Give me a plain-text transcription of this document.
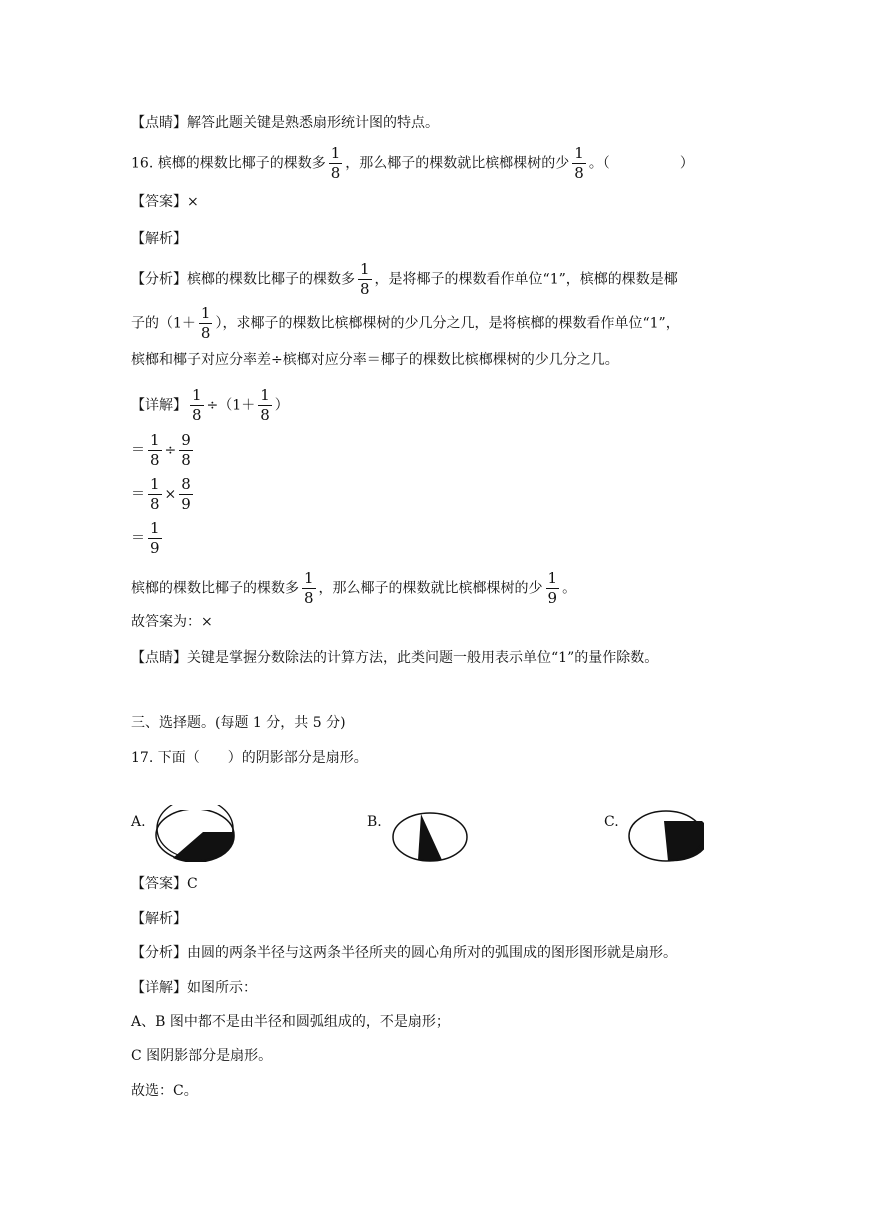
【点睛】解答此题关键是熟悉扇形统计图的特点。
16. 槟榔的棵数比椰子的棵数多 $\frac{1}{8}$ ，那么椰子的棵数就比槟榔棵树的少 $\frac{1}{8}$ 。（	）
【答案】×
【解析】
【分析】槟榔的棵数比椰子的棵数多 $\frac{1}{8}$ ，是将椰子的棵数看作单位“1”，槟榔的棵数是椰
子的（$1+ \frac{1}{8}$ ），求椰子的棵数比槟榔棵树的少几分之几，是将槟榔的棵数看作单位“1”，
槟榔和椰子对应分率差÷槟榔对应分率＝椰子的棵数比槟榔棵树的少几分之几。
【详解】 $\frac{1}{8} \div(1+ \frac{1}{8}$ ）
＝ $\frac{1}{8} \div \frac{9}{8}$
＝ $\frac{1}{8} \times \frac{8}{9}$
＝ $\frac{1}{9}$
槟榔的棵数比椰子的棵数多 $\frac{1}{8}$ ，那么椰子的棵数就比槟榔棵树的少 $\frac{1}{9}$ 。
故答案为：×
【点睛】关键是掌握分数除法的计算方法，此类问题一般用表示单位“1”的量作除数。
三、选择题。(每题 1 分，共 5 分)
17. 下面（　　）的阴影部分是扇形。
A.	B.	C.
【答案】C
【解析】
【分析】由圆的两条半径与这两条半径所夹的圆心角所对的弧围成的图形图形就是扇形。
【详解】如图所示：
A、B 图中都不是由半径和圆弧组成的，不是扇形；
C 图阴影部分是扇形。
故选：C。
